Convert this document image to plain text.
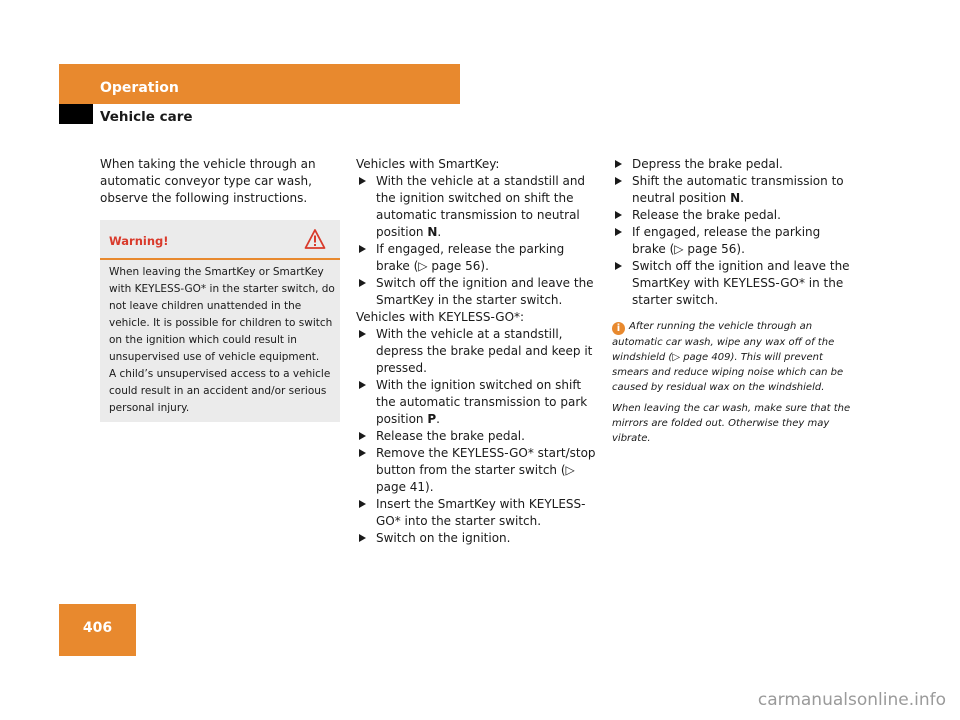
Operation
Vehicle care

When taking the vehicle through an automatic conveyor type car wash, observe the following instructions.

Warning!

When leaving the SmartKey or SmartKey with KEYLESS-GO* in the starter switch, do not leave children unattended in the vehicle. It is possible for children to switch on the ignition which could result in unsupervised use of vehicle equipment.

A child’s unsupervised access to a vehicle could result in an accident and/or serious personal injury.

Vehicles with SmartKey:

With the vehicle at a standstill and the ignition switched on shift the automatic transmission to neutral position N.

If engaged, release the parking brake (▷ page 56).

Switch off the ignition and leave the SmartKey in the starter switch.

Vehicles with KEYLESS-GO*:

With the vehicle at a standstill, depress the brake pedal and keep it pressed.

With the ignition switched on shift the automatic transmission to park position P.

Release the brake pedal.

Remove the KEYLESS-GO* start/stop button from the starter switch (▷ page 41).

Insert the SmartKey with KEYLESS-GO* into the starter switch.

Switch on the ignition.

Depress the brake pedal.

Shift the automatic transmission to neutral position N.

Release the brake pedal.

If engaged, release the parking brake (▷ page 56).

Switch off the ignition and leave the SmartKey with KEYLESS-GO* in the starter switch.

i After running the vehicle through an automatic car wash, wipe any wax off of the windshield (▷ page 409). This will prevent smears and reduce wiping noise which can be caused by residual wax on the windshield.

When leaving the car wash, make sure that the mirrors are folded out. Otherwise they may vibrate.

406
carmanualsonline.info
